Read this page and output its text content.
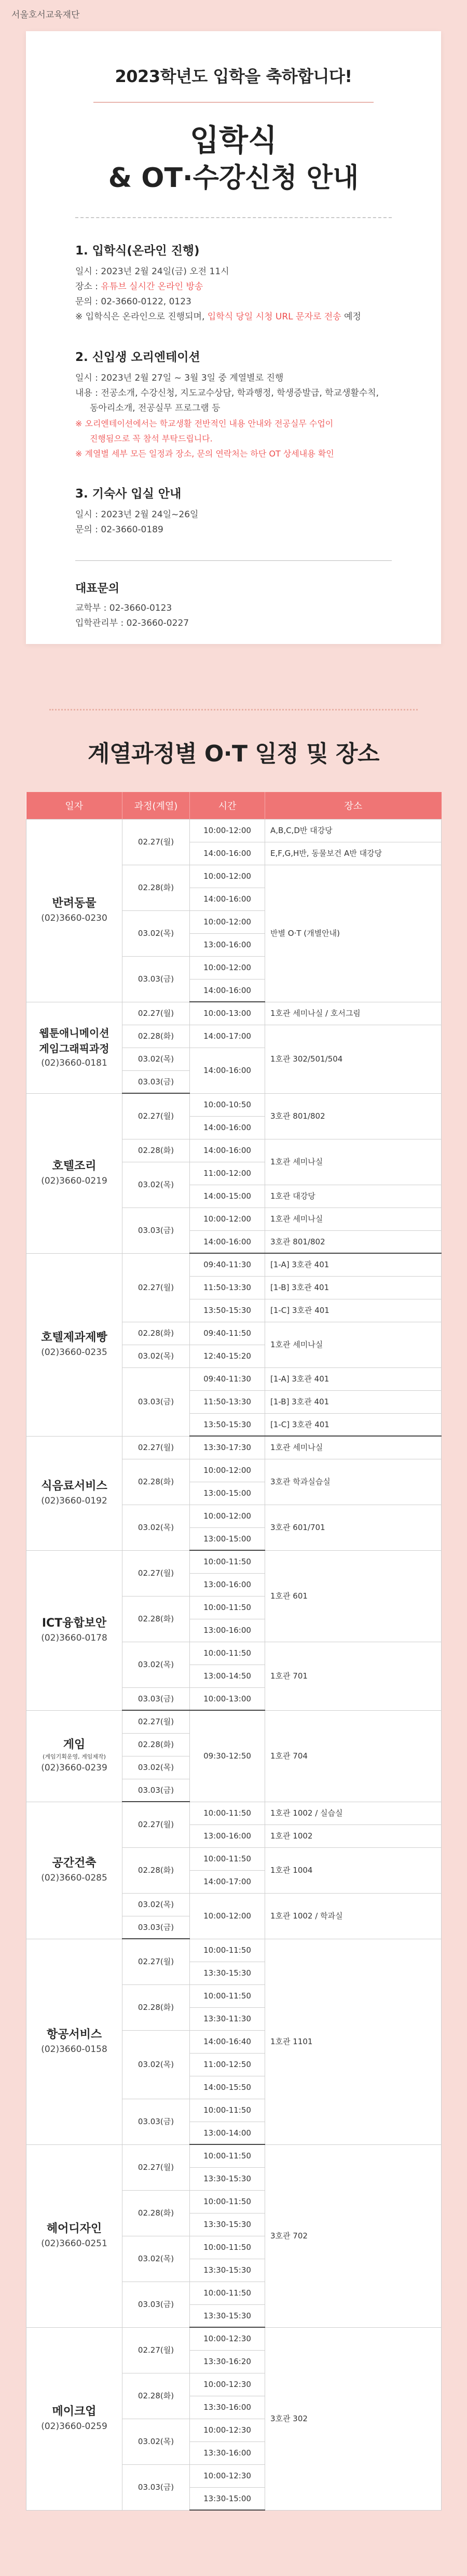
서울호서교육재단
2023학년도 입학을 축하합니다!
입학식
& OT·수강신청 안내
1. 입학식(온라인 진행)
일시 : 2023년 2월 24일(금) 오전 11시
장소 : 유튜브 실시간 온라인 방송
문의 : 02-3660-0122, 0123
※ 입학식은 온라인으로 진행되며, 입학식 당일 시청 URL 문자로 전송 예정
2. 신입생 오리엔테이션
일시 : 2023년 2월 27일 ~ 3월 3일 중 계열별로 진행
내용 : 전공소개, 수강신청, 지도교수상담, 학과행정, 학생증발급, 학교생활수칙,
동아리소개, 전공실무 프로그램 등
※ 오리엔테이션에서는 학교생활 전반적인 내용 안내와 전공실무 수업이
진행됨으로 꼭 참석 부탁드립니다.
※ 계열별 세부 모든 일정과 장소, 문의 연락처는 하단 OT 상세내용 확인
3. 기숙사 입실 안내
일시 : 2023년 2월 24일~26일
문의 : 02-3660-0189
대표문의
교학부 : 02-3660-0123
입학관리부 : 02-3660-0227
계열과정별 O·T 일정 및 장소
일자	과정(계열)	시간	장소

반려동물
(02)3660-0230	02.27(월)	10:00-12:00	A,B,C,D반 대강당
		14:00-16:00	E,F,G,H반, 동물보건 A반 대강당
	02.28(화)	10:00-12:00	반별 O·T (개별안내)
		14:00-16:00	
	03.02(목)	10:00-12:00	
		13:00-16:00	
	03.03(금)	10:00-12:00	
		14:00-16:00	

웹툰애니메이션
게임그래픽과정
(02)3660-0181	02.27(월)	10:00-13:00	1호관 세미나실 / 호서그림
	02.28(화)	14:00-17:00	1호관 302/501/504
	03.02(목)	14:00-16:00	
	03.03(금)		

호텔조리
(02)3660-0219	02.27(월)	10:00-10:50	3호관 801/802
		14:00-16:00	
	02.28(화)	14:00-16:00	1호관 세미나실
	03.02(목)	11:00-12:00	
		14:00-15:00	1호관 대강당
	03.03(금)	10:00-12:00	1호관 세미나실
		14:00-16:00	3호관 801/802

호텔제과제빵
(02)3660-0235	02.27(월)	09:40-11:30	[1-A] 3호관 401
		11:50-13:30	[1-B] 3호관 401
		13:50-15:30	[1-C] 3호관 401
	02.28(화)	09:40-11:50	1호관 세미나실
	03.02(목)	12:40-15:20	
	03.03(금)	09:40-11:30	[1-A] 3호관 401
		11:50-13:30	[1-B] 3호관 401
		13:50-15:30	[1-C] 3호관 401

식음료서비스
(02)3660-0192	02.27(월)	13:30-17:30	1호관 세미나실
	02.28(화)	10:00-12:00	3호관 학과실습실
		13:00-15:00	
	03.02(목)	10:00-12:00	3호관 601/701
		13:00-15:00	

ICT융합보안
(02)3660-0178	02.27(월)	10:00-11:50	1호관 601
		13:00-16:00	
	02.28(화)	10:00-11:50	
		13:00-16:00	
	03.02(목)	10:00-11:50	1호관 701
		13:00-14:50	
	03.03(금)	10:00-13:00	

게임
(게임기획운영, 게임제작)
(02)3660-0239	02.27(월)	09:30-12:50	1호관 704
	02.28(화)		
	03.02(목)		
	03.03(금)		

공간건축
(02)3660-0285	02.27(월)	10:00-11:50	1호관 1002 / 실습실
		13:00-16:00	1호관 1002
	02.28(화)	10:00-11:50	1호관 1004
		14:00-17:00	
	03.02(목)	10:00-12:00	1호관 1002 / 학과실
	03.03(금)		

항공서비스
(02)3660-0158	02.27(월)	10:00-11:50	1호관 1101
		13:30-15:30	
	02.28(화)	10:00-11:50	
		13:30-11:30	
	03.02(목)	14:00-16:40	
		11:00-12:50	
		14:00-15:50	
	03.03(금)	10:00-11:50	
		13:00-14:00	

헤어디자인
(02)3660-0251	02.27(월)	10:00-11:50	3호관 702
		13:30-15:30	
	02.28(화)	10:00-11:50	
		13:30-15:30	
	03.02(목)	10:00-11:50	
		13:30-15:30	
	03.03(금)	10:00-11:50	
		13:30-15:30	

메이크업
(02)3660-0259	02.27(월)	10:00-12:30	3호관 302
		13:30-16:20	
	02.28(화)	10:00-12:30	
		13:30-16:00	
	03.02(목)	10:00-12:30	
		13:30-16:00	
	03.03(금)	10:00-12:30	
		13:30-15:00	
